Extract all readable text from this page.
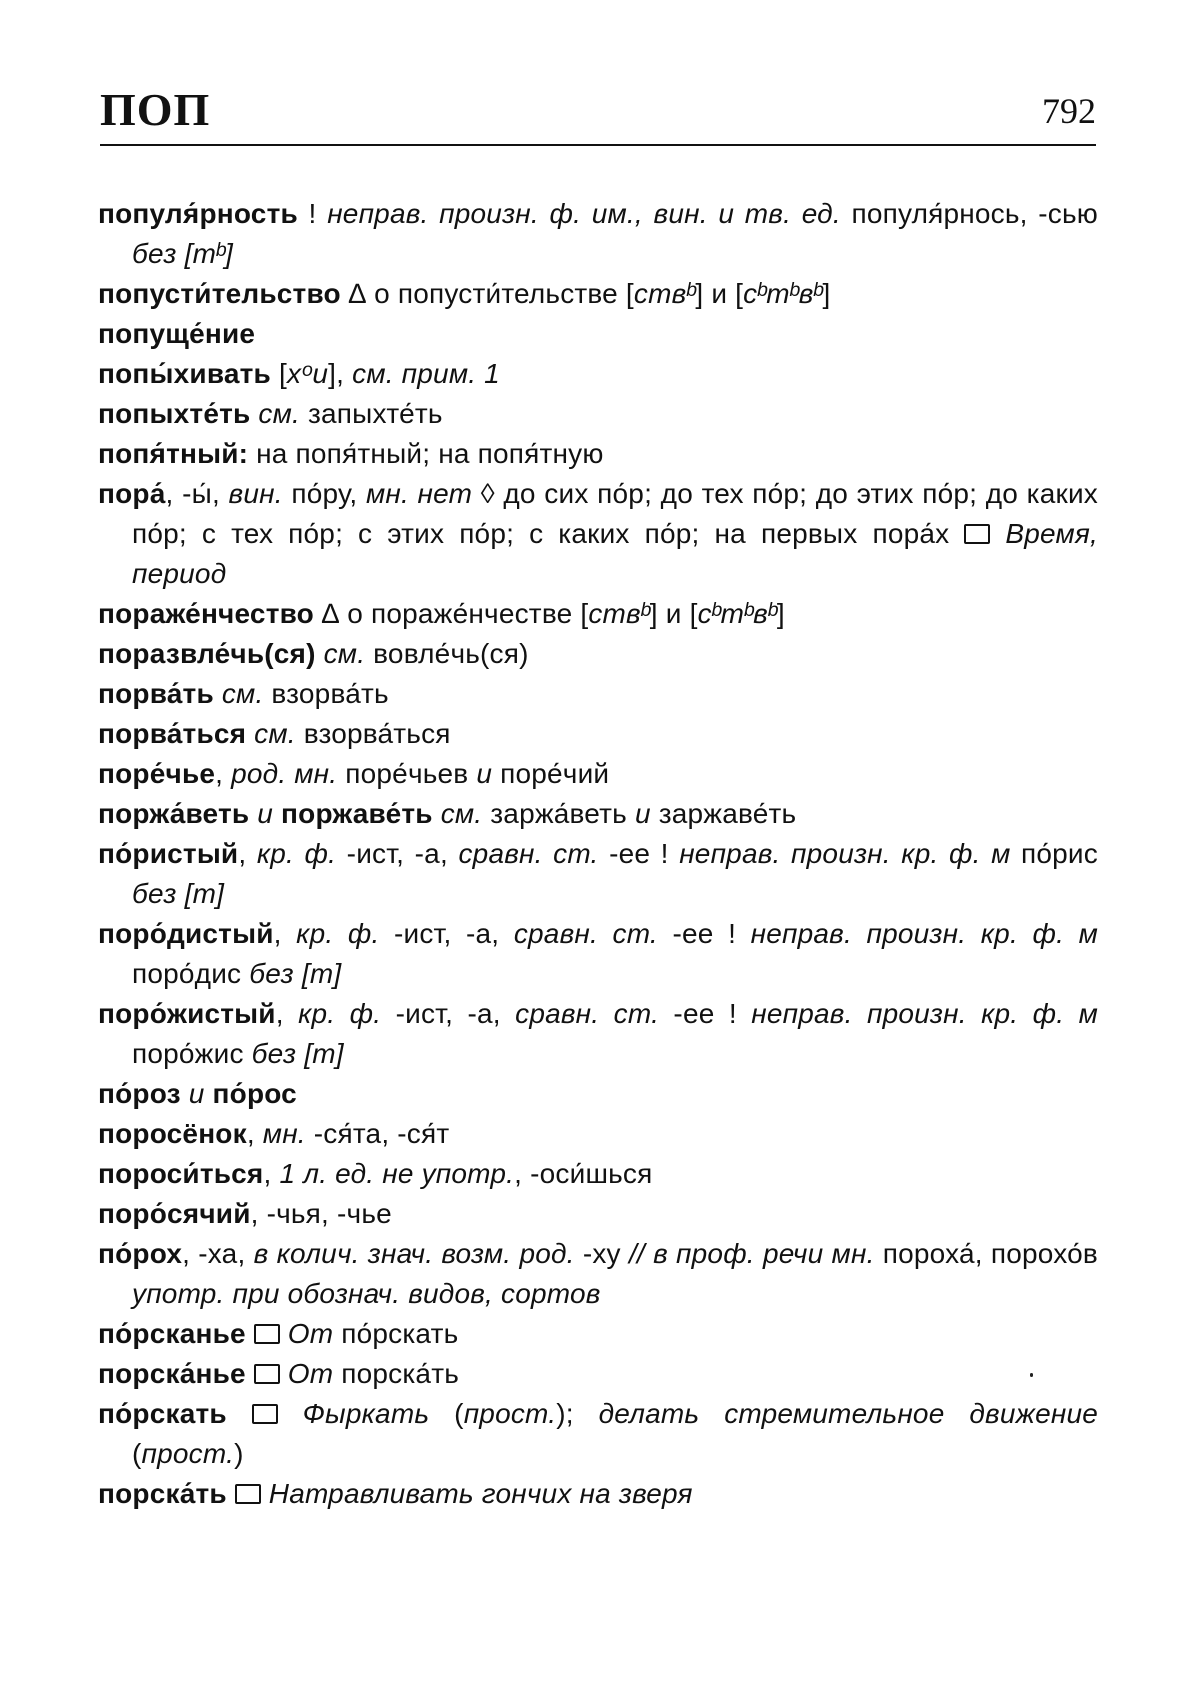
ПОП	792

популя́рность ! неправ. произн. ф. им., вин. и тв. ед. популя́рнось, -сью без [тᵇ]

попусти́тельство ∆ о попусти́тельстве [ствᵇ] и [сᵇтᵇвᵇ]

попуще́ние

попы́хивать [хᵒи], см. прим. 1

попыхте́ть см. запыхте́ть

попя́тный: на попя́тный; на попя́тную

пора́, -ы́, вин. по́ру, мн. нет ◊ до сих по́р; до тех по́р; до этих по́р; до каких по́р; с тех по́р; с этих по́р; с каких по́р; на первых пора́х  Время, период

пораже́нчество ∆ о пораже́нчестве [ствᵇ] и [сᵇтᵇвᵇ]

поразвле́чь(ся) см. вовле́чь(ся)

порва́ть см. взорва́ть

порва́ться см. взорва́ться

поре́чье, род. мн. поре́чьев и поре́чий

поржа́веть и поржаве́ть см. заржа́веть и заржаве́ть

по́ристый, кр. ф. -ист, -а, сравн. ст. -ее ! неправ. произн. кр. ф. м по́рис без [т]

поро́дистый, кр. ф. -ист, -а, сравн. ст. -ее ! неправ. произн. кр. ф. м поро́дис без [т]

поро́жистый, кр. ф. -ист, -а, сравн. ст. -ее ! неправ. произн. кр. ф. м поро́жис без [т]

по́роз и по́рос

поросёнок, мн. -ся́та, -ся́т

пороси́ться, 1 л. ед. не употр., -оси́шься

поро́сячий, -чья, -чье

по́рох, -ха, в колич. знач. возм. род. -ху // в проф. речи мн. пороха́, порохо́в употр. при обознач. видов, сортов

по́рсканье От по́рскать

порска́нье От порска́ть

по́рскать	Фыркать (прост.); делать стремительное движение (прост.)

порска́ть Натравливать гончих на зверя
